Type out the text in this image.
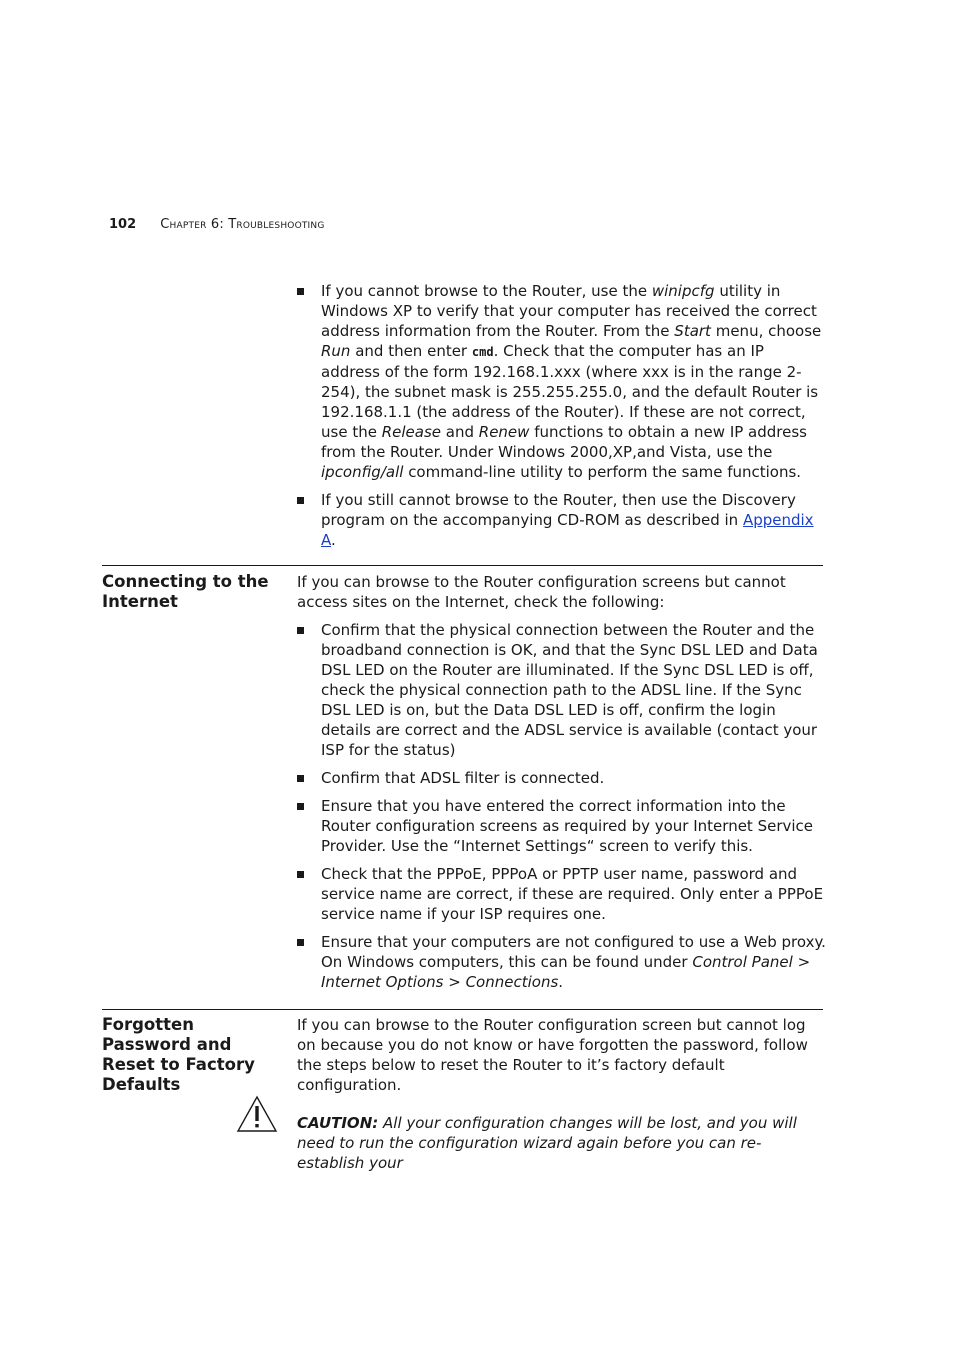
102 Chapter 6: Troubleshooting
If you cannot browse to the Router, use the winipcfg utility in Windows XP to verify that your computer has received the correct address information from the Router. From the Start menu, choose Run and then enter cmd. Check that the computer has an IP address of the form 192.168.1.xxx (where xxx is in the range 2-254), the subnet mask is 255.255.255.0, and the default Router is 192.168.1.1 (the address of the Router). If these are not correct, use the Release and Renew functions to obtain a new IP address from the Router. Under Windows 2000,XP,and Vista, use the ipconfig/all command-line utility to perform the same functions.
If you still cannot browse to the Router, then use the Discovery program on the accompanying CD-ROM as described in Appendix A.
Connecting to the Internet

If you can browse to the Router configuration screens but cannot access sites on the Internet, check the following:

Confirm that the physical connection between the Router and the broadband connection is OK, and that the Sync DSL LED and Data DSL LED on the Router are illuminated. If the Sync DSL LED is off, check the physical connection path to the ADSL line. If the Sync DSL LED is on, but the Data DSL LED is off, confirm the login details are correct and the ADSL service is available (contact your ISP for the status)
Confirm that ADSL filter is connected.
Ensure that you have entered the correct information into the Router configuration screens as required by your Internet Service Provider. Use the “Internet Settings“ screen to verify this.
Check that the PPPoE, PPPoA or PPTP user name, password and service name are correct, if these are required. Only enter a PPPoE service name if your ISP requires one.
Ensure that your computers are not configured to use a Web proxy. On Windows computers, this can be found under Control Panel > Internet Options > Connections.
Forgotten Password and Reset to Factory Defaults

If you can browse to the Router configuration screen but cannot log on because you do not know or have forgotten the password, follow the steps below to reset the Router to it’s factory default configuration.

CAUTION: All your configuration changes will be lost, and you will need to run the configuration wizard again before you can re-establish your
